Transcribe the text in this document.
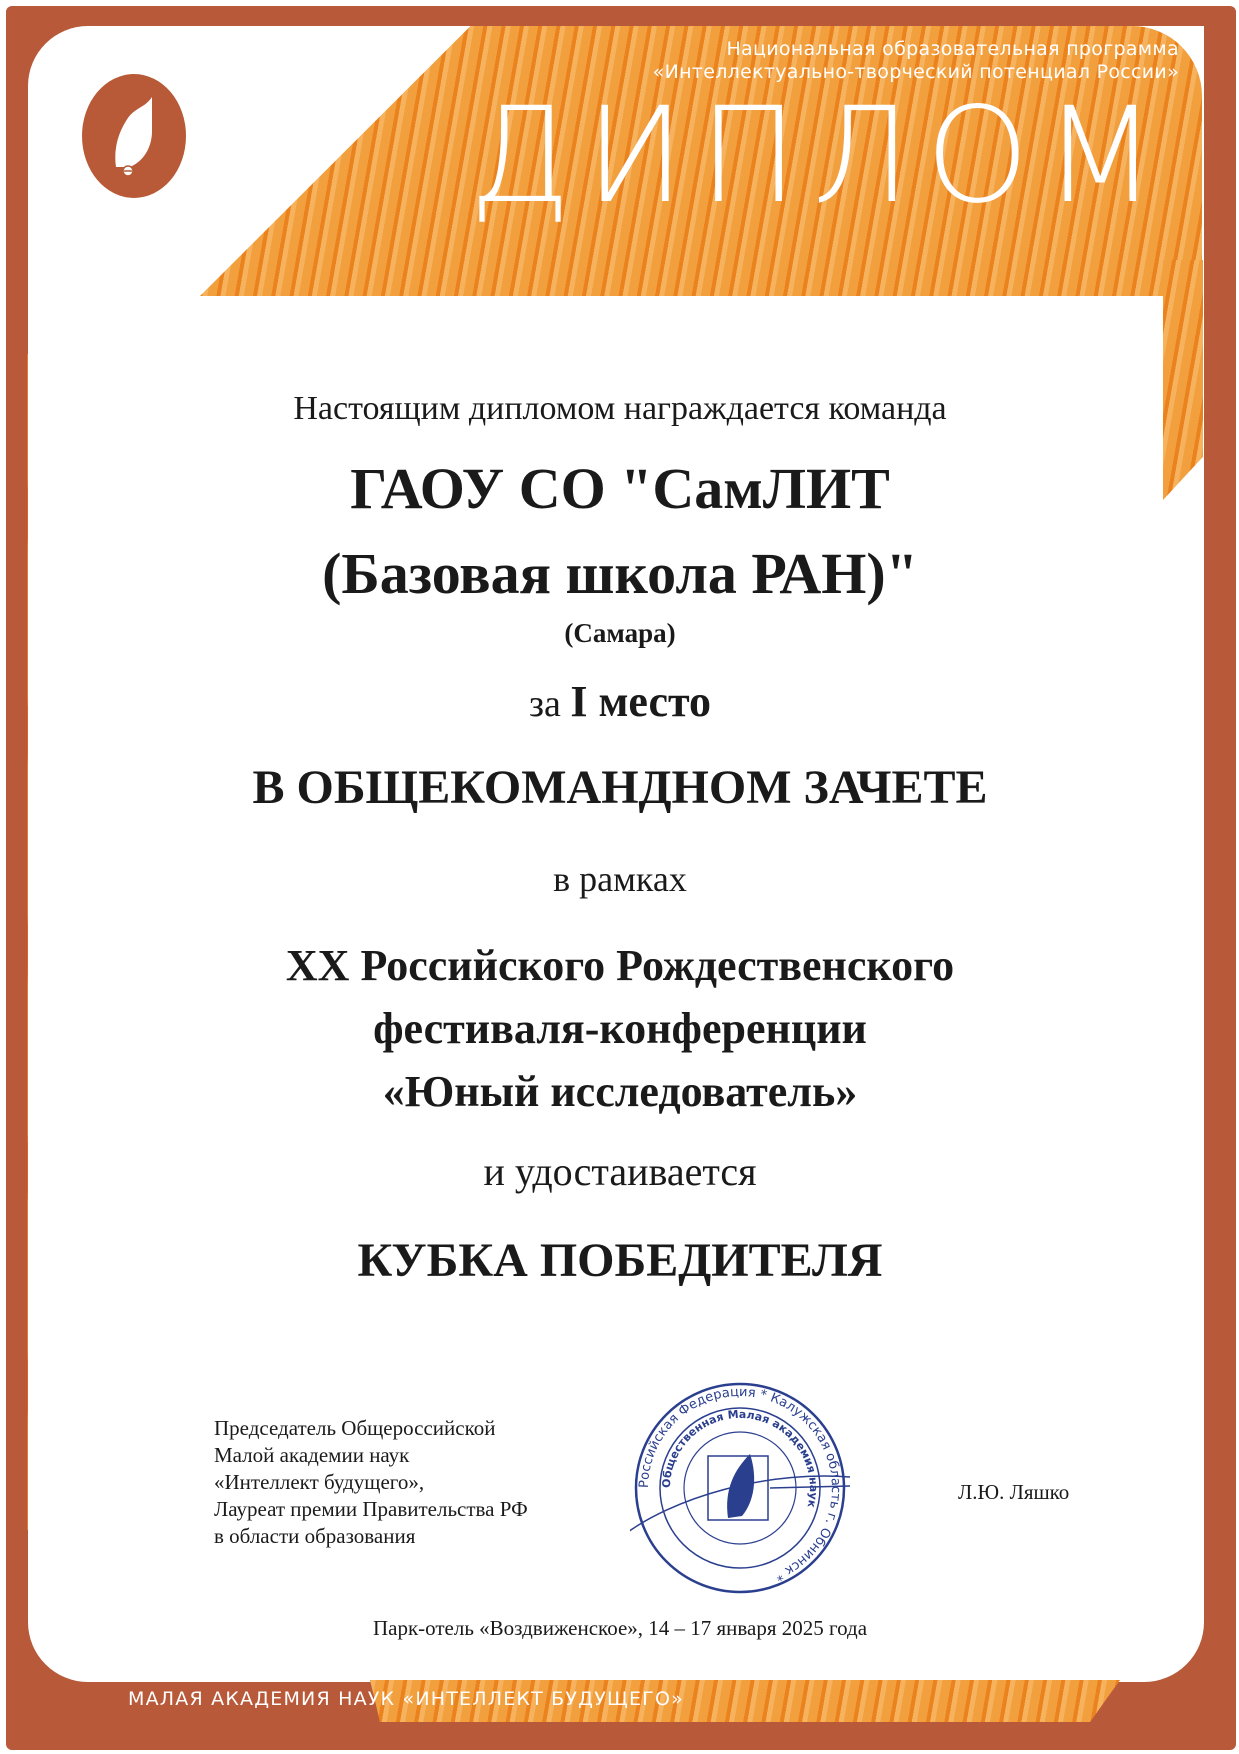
Национальная образовательная программа
«Интеллектуально-творческий потенциал России»
ДИПЛОМ
Настоящим дипломом награждается команда
ГАОУ СО "СамЛИТ
(Базовая школа РАН)"
(Самара)
за I место
В ОБЩЕКОМАНДНОМ ЗАЧЕТЕ
в рамках
XX Российского Рождественского
фестиваля-конференции
«Юный исследователь»
и удостаивается
КУБКА ПОБЕДИТЕЛЯ
Председатель Общероссийской
Малой академии наук
«Интеллект будущего»,
Лауреат премии Правительства РФ
в области образования
Российская Федерация * Калужская область г. Обнинск *
Общественная Малая академия наук	Л.Ю. Ляшко
Парк-отель «Воздвиженское», 14 – 17 января 2025 года
МАЛАЯ АКАДЕМИЯ НАУК «ИНТЕЛЛЕКТ БУДУЩЕГО»
